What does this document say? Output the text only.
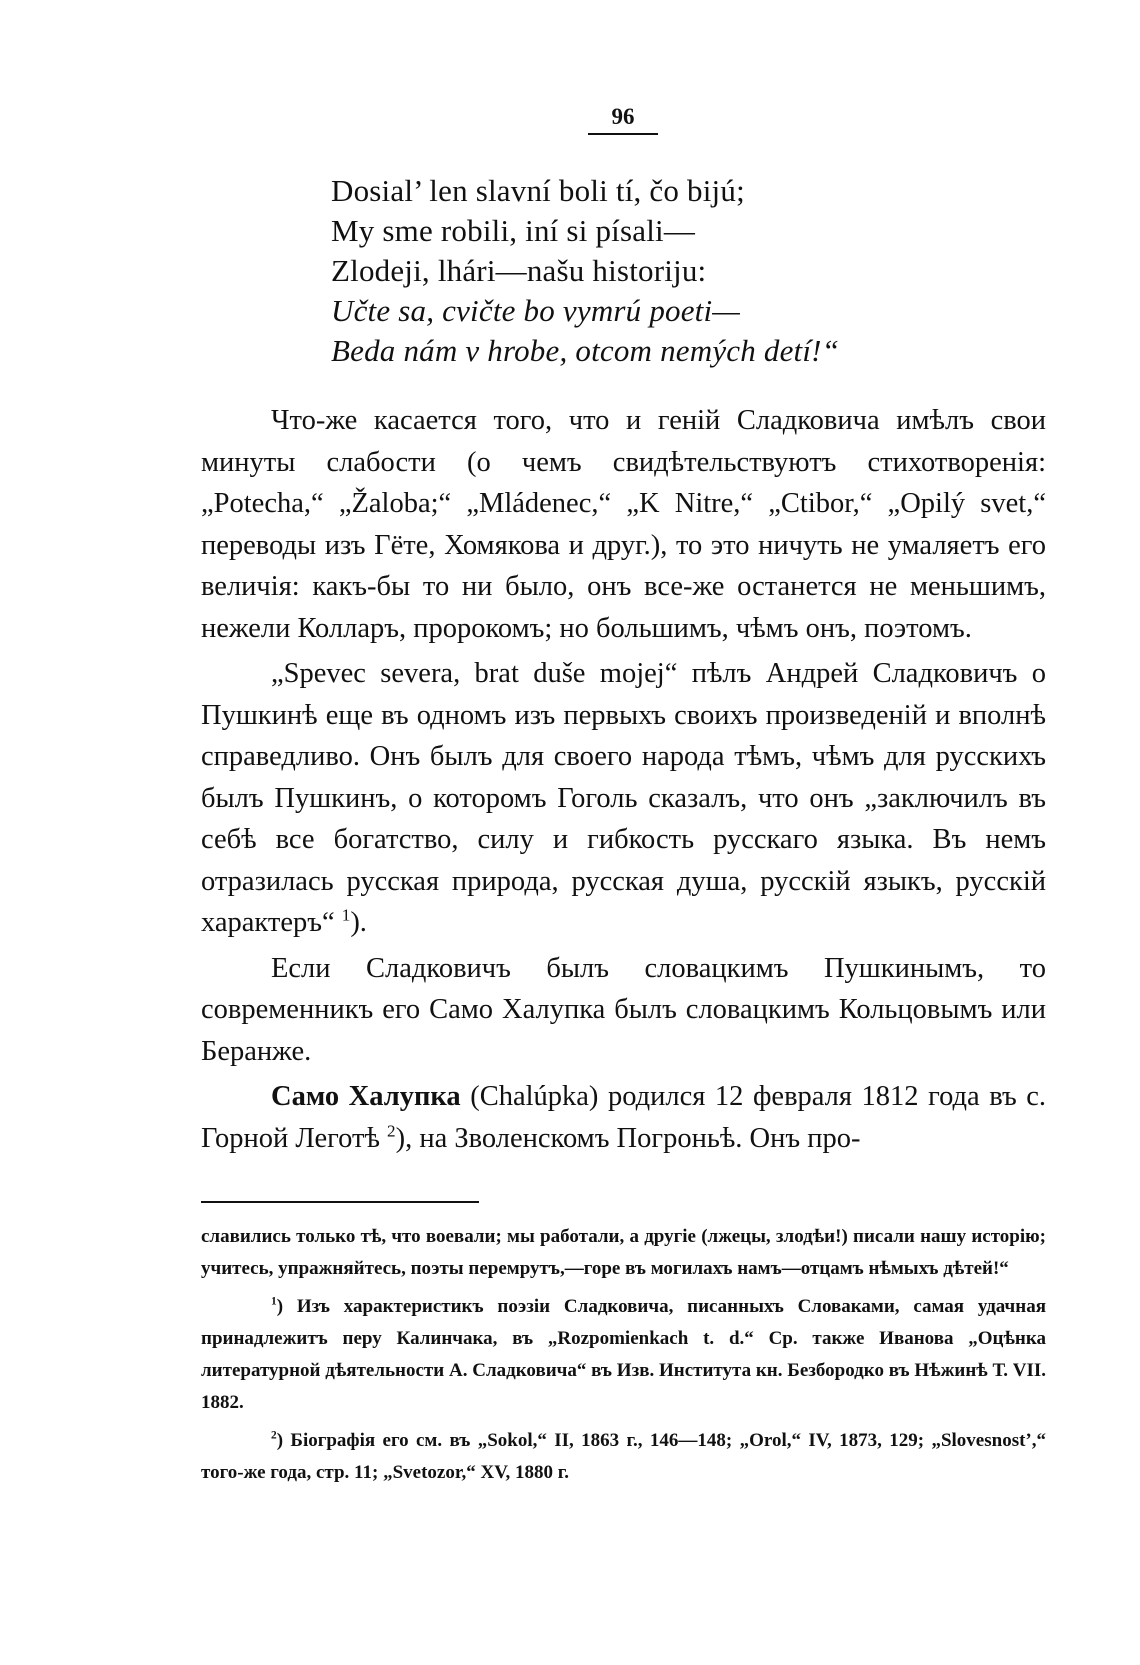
96
Dosial’ len slavní boli tí, čo bijú;
My sme robili, iní si písali—
Zlodeji, lhári—našu historiju:
Učte sa, cvičte bo vymrú poeti—
Beda nám v hrobe, otcom nemých detí!“

Что-же касается того, что и геній Сладковича имѣлъ свои минуты слабости (о чемъ свидѣтельствуютъ стихотворенія: „Potecha,“ „Žaloba;“ „Mládenec,“ „K Nitre,“ „Ctibor,“ „Opilý svet,“ переводы изъ Гёте, Хомякова и друг.), то это ничуть не умаляетъ его величія: какъ-бы то ни было, онъ все-же останется не меньшимъ, нежели Колларъ, пророкомъ; но большимъ, чѣмъ онъ, поэтомъ.

„Spevec severa, brat duše mojej“ пѣлъ Андрей Сладковичъ о Пушкинѣ еще въ одномъ изъ первыхъ своихъ произведеній и вполнѣ справедливо. Онъ былъ для своего народа тѣмъ, чѣмъ для русскихъ былъ Пушкинъ, о которомъ Гоголь сказалъ, что онъ „заключилъ въ себѣ все богатство, силу и гибкость русскаго языка. Въ немъ отразилась русская природа, русская душа, русскій языкъ, русскій характеръ“ $^1$).

Если Сладковичъ былъ словацкимъ Пушкинымъ, то современникъ его Само Халупка былъ словацкимъ Кольцовымъ или Беранже.

Само Халупка (Chalúpka) родился 12 февраля 1812 года въ с. Горной Леготѣ $^2$), на Зволенскомъ Погроньѣ. Онъ про-

славились только тѣ, что воевали; мы работали, а другіе (лжецы, злодѣи!) писали нашу исторію; учитесь, упражняйтесь, поэты перемрутъ,—горе въ могилахъ намъ—отцамъ нѣмыхъ дѣтей!“

$^1$) Изъ характеристикъ поэзіи Сладковича, писанныхъ Словаками, самая удачная принадлежитъ перу Калинчака, въ „Rozpomienkach t. d.“ Ср. также Иванова „Оцѣнка литературной дѣятельности А. Сладковича“ въ Изв. Института кн. Безбородко въ Нѣжинѣ Т. VII. 1882.

$^2$) Біографія его см. въ „Sokol,“ II, 1863 г., 146—148; „Orol,“ IV, 1873, 129; „Slovesnost’,“ того-же года, стр. 11; „Svetozor,“ XV, 1880 г.
